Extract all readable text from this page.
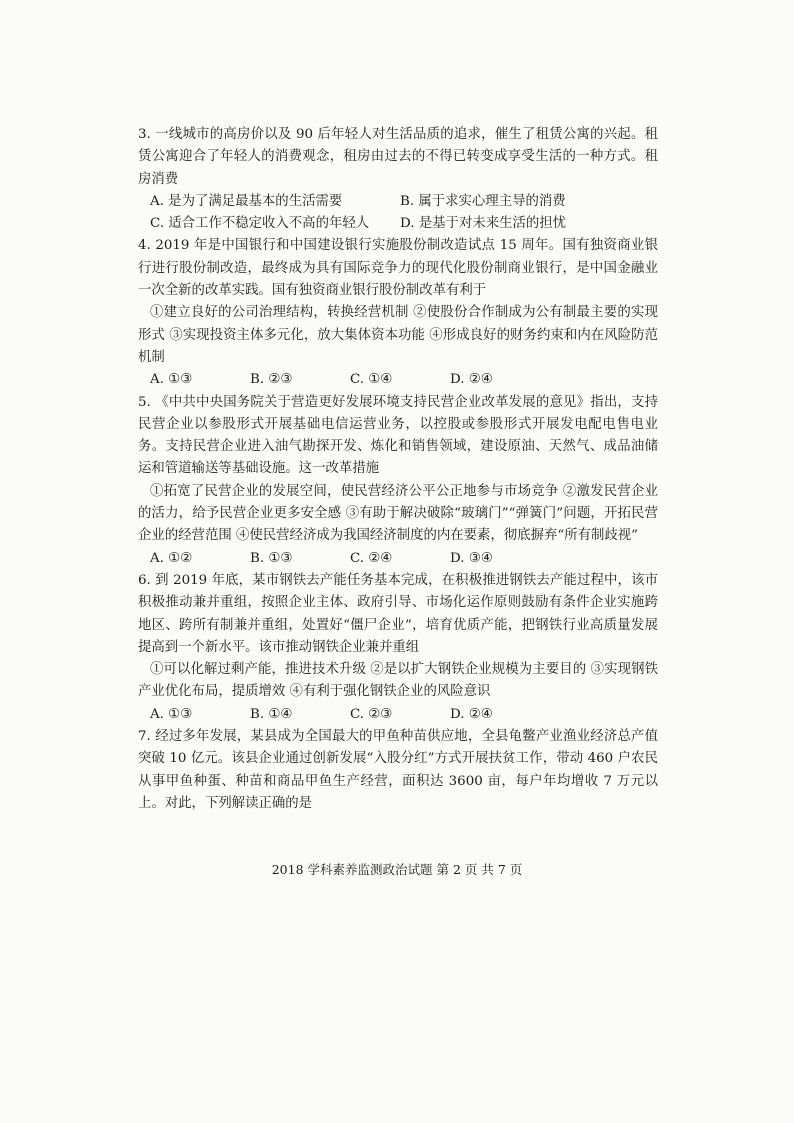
3. 一线城市的高房价以及 90 后年轻人对生活品质的追求，催生了租赁公寓的兴起。租赁公寓迎合了年轻人的消费观念，租房由过去的不得已转变成享受生活的一种方式。租房消费

A. 是为了满足最基本的生活需要	B. 属于求实心理主导的消费
C. 适合工作不稳定收入不高的年轻人	D. 是基于对未来生活的担忧

4. 2019 年是中国银行和中国建设银行实施股份制改造试点 15 周年。国有独资商业银行进行股份制改造，最终成为具有国际竞争力的现代化股份制商业银行，是中国金融业一次全新的改革实践。国有独资商业银行股份制改革有利于

①建立良好的公司治理结构，转换经营机制 ②使股份合作制成为公有制最主要的实现形式 ③实现投资主体多元化，放大集体资本功能 ④形成良好的财务约束和内在风险防范机制

A. ①③	B. ②③	C. ①④	D. ②④

5. 《中共中央国务院关于营造更好发展环境支持民营企业改革发展的意见》指出，支持民营企业以参股形式开展基础电信运营业务，以控股或参股形式开展发电配电售电业务。支持民营企业进入油气勘探开发、炼化和销售领域，建设原油、天然气、成品油储运和管道输送等基础设施。这一改革措施

①拓宽了民营企业的发展空间，使民营经济公平公正地参与市场竞争 ②激发民营企业的活力，给予民营企业更多安全感 ③有助于解决破除“玻璃门”“弹簧门”问题，开拓民营企业的经营范围 ④使民营经济成为我国经济制度的内在要素，彻底摒弃“所有制歧视”

A. ①②	B. ①③	C. ②④	D. ③④

6. 到 2019 年底，某市钢铁去产能任务基本完成，在积极推进钢铁去产能过程中，该市积极推动兼并重组，按照企业主体、政府引导、市场化运作原则鼓励有条件企业实施跨地区、跨所有制兼并重组，处置好“僵尸企业”，培育优质产能，把钢铁行业高质量发展提高到一个新水平。该市推动钢铁企业兼并重组

①可以化解过剩产能，推进技术升级 ②是以扩大钢铁企业规模为主要目的 ③实现钢铁产业优化布局，提质增效 ④有利于强化钢铁企业的风险意识

A. ①③	B. ①④	C. ②③	D. ②④

7. 经过多年发展，某县成为全国最大的甲鱼种苗供应地，全县龟鳖产业渔业经济总产值突破 10 亿元。该县企业通过创新发展“入股分红”方式开展扶贫工作，带动 460 户农民从事甲鱼种蛋、种苗和商品甲鱼生产经营，面积达 3600 亩，每户年均增收 7 万元以上。对此，下列解读正确的是

2018 学科素养监测政治试题 第 2 页 共 7 页
